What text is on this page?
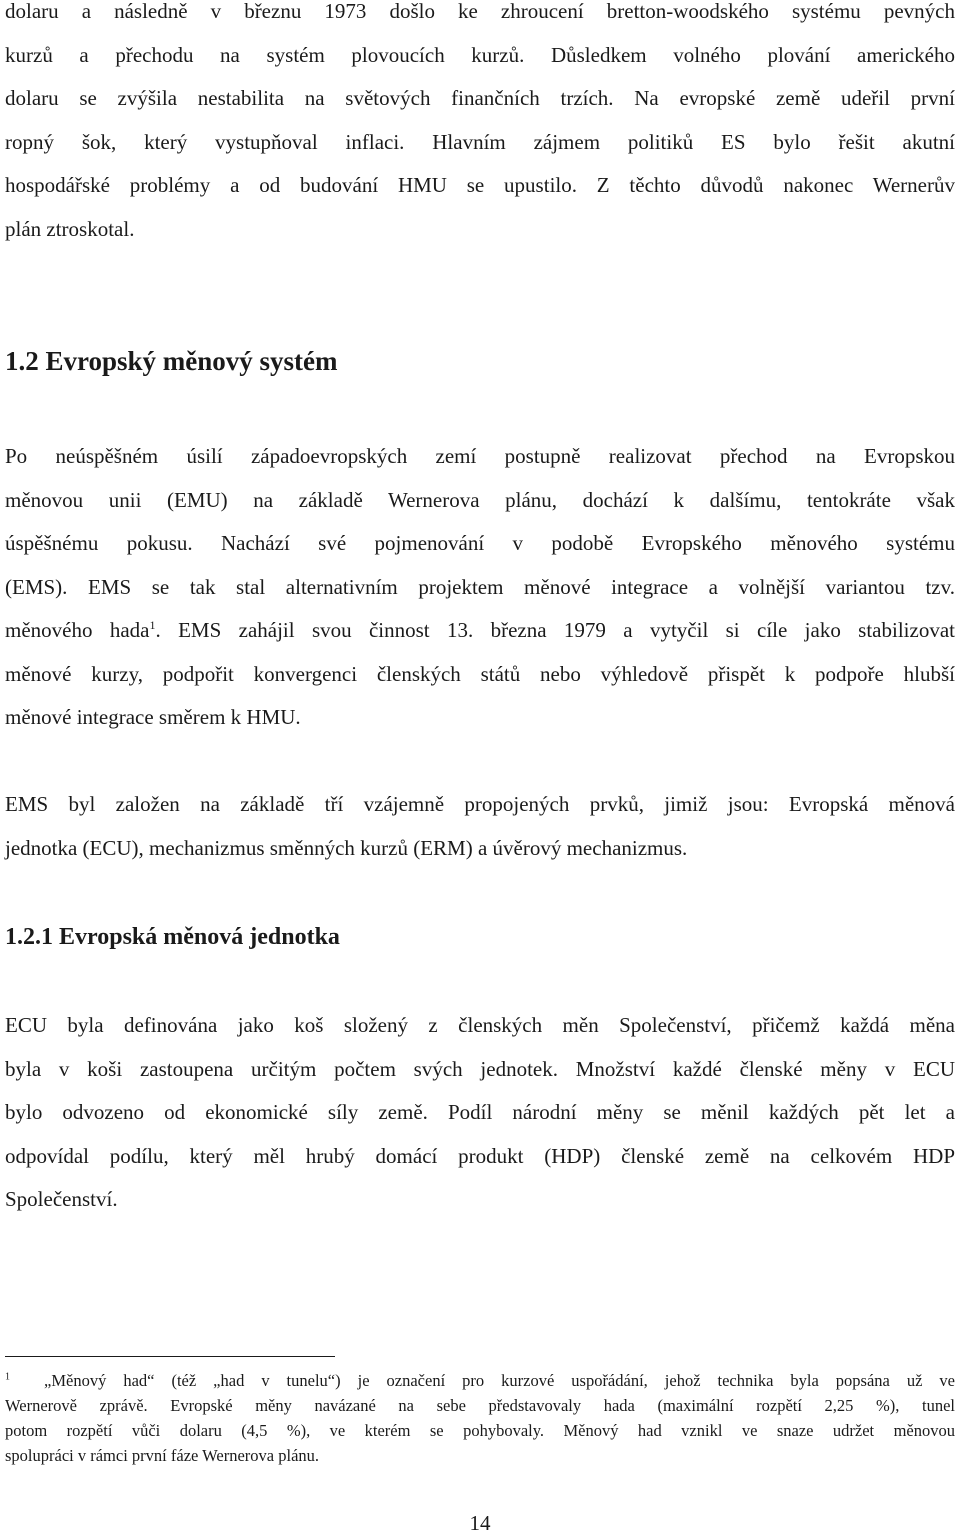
dolaru a následně v březnu 1973 došlo ke zhroucení bretton-woodského systému pevných
kurzů a přechodu na systém plovoucích kurzů. Důsledkem volného plování amerického
dolaru se zvýšila nestabilita na světových finančních trzích. Na evropské země udeřil první
ropný šok, který vystupňoval inflaci. Hlavním zájmem politiků ES bylo řešit akutní
hospodářské problémy a od budování HMU se upustilo. Z těchto důvodů nakonec Wernerův
plán ztroskotal.
1.2 Evropský měnový systém
Po neúspěšném úsilí západoevropských zemí postupně realizovat přechod na Evropskou
měnovou unii (EMU) na základě Wernerova plánu, dochází k dalšímu, tentokráte však
úspěšnému pokusu. Nachází své pojmenování v podobě Evropského měnového systému
(EMS). EMS se tak stal alternativním projektem měnové integrace a volnější variantou tzv.
měnového hada$^1$. EMS zahájil svou činnost 13. března 1979 a vytyčil si cíle jako stabilizovat
měnové kurzy, podpořit konvergenci členských států nebo výhledově přispět k podpoře hlubší
měnové integrace směrem k HMU.
EMS byl založen na základě tří vzájemně propojených prvků, jimiž jsou: Evropská měnová
jednotka (ECU), mechanizmus směnných kurzů (ERM) a úvěrový mechanizmus.
1.2.1 Evropská měnová jednotka
ECU byla definována jako koš složený z členských měn Společenství, přičemž každá měna
byla v koši zastoupena určitým počtem svých jednotek. Množství každé členské měny v ECU
bylo odvozeno od ekonomické síly země. Podíl národní měny se měnil každých pět let a
odpovídal podílu, který měl hrubý domácí produkt (HDP) členské země na celkovém HDP
Společenství.
$^1$ „Měnový had“ (též „had v tunelu“) je označení pro kurzové uspořádání, jehož technika byla popsána už ve
Wernerově zprávě. Evropské měny navázané na sebe představovaly hada (maximální rozpětí 2,25 %), tunel
potom rozpětí vůči dolaru (4,5 %), ve kterém se pohybovaly. Měnový had vznikl ve snaze udržet měnovou
spolupráci v rámci první fáze Wernerova plánu.
14
